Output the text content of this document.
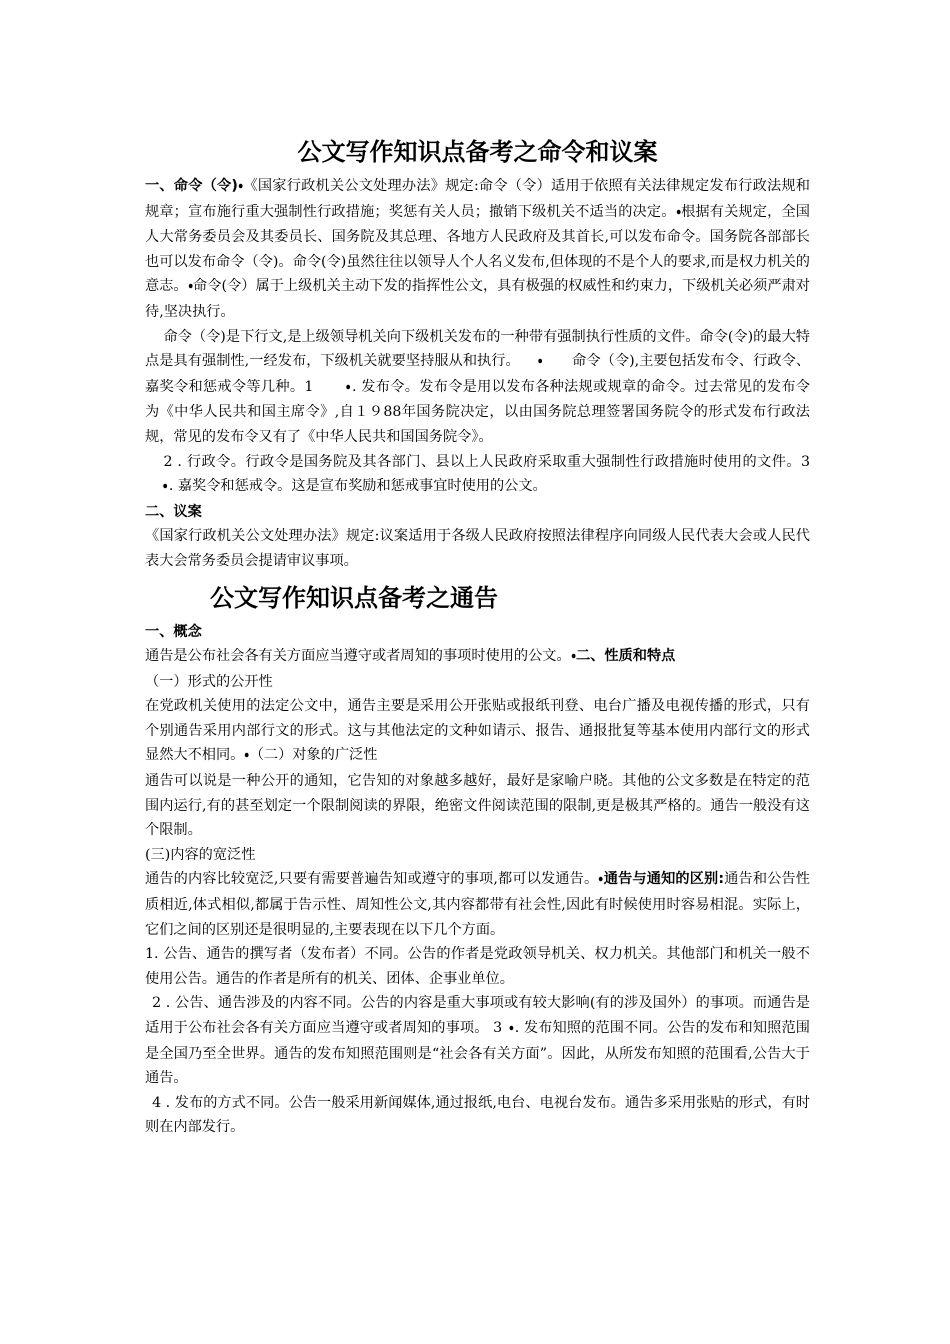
公文写作知识点备考之命令和议案

一、命令（令)ꔷ《国家行政机关公文处理办法》规定:命令（令）适用于依照有关法律规定发布行政法规和规章；宣布施行重大强制性行政措施；奖惩有关人员；撤销下级机关不适当的决定。ꔷ根据有关规定，全国人大常务委员会及其委员长、国务院及其总理、各地方人民政府及其首长,可以发布命令。国务院各部部长也可以发布命令（令)。命令(令)虽然往往以领导人个人名义发布,但体现的不是个人的要求,而是权力机关的意志。ꔷ命令(令）属于上级机关主动下发的指挥性公文，具有极强的权威性和约束力，下级机关必须严肃对待,坚决执行。

命令（令)是下行文,是上级领导机关向下级机关发布的一种带有强制执行性质的文件。命令(令)的最大特点是具有强制性,一经发布，下级机关就要坚持服从和执行。 ꔷ　　命令（令),主要包括发布令、行政令、嘉奖令和惩戒令等几种。1　ꔷ. 发布令。发布令是用以发布各种法规或规章的命令。过去常见的发布令为《中华人民共和国主席令》,自１９88年国务院决定，以由国务院总理签署国务院令的形式发布行政法规，常见的发布令又有了《中华人民共和国国务院令》。

2 . 行政令。行政令是国务院及其各部门、县以上人民政府采取重大强制性行政措施时使用的文件。3ꔷ. 嘉奖令和惩戒令。这是宣布奖励和惩戒事宜时使用的公文。

二、议案

《国家行政机关公文处理办法》规定:议案适用于各级人民政府按照法律程序向同级人民代表大会或人民代表大会常务委员会提请审议事项。

公文写作知识点备考之通告

一、概念

通告是公布社会各有关方面应当遵守或者周知的事项时使用的公文。ꔷ二、性质和特点

（一）形式的公开性

在党政机关使用的法定公文中，通告主要是采用公开张贴或报纸刊登、电台广播及电视传播的形式，只有个别通告采用内部行文的形式。这与其他法定的文种如请示、报告、通报批复等基本使用内部行文的形式显然大不相同。ꔷ（二）对象的广泛性

通告可以说是一种公开的通知，它告知的对象越多越好，最好是家喻户晓。其他的公文多数是在特定的范围内运行,有的甚至划定一个限制阅读的界限，绝密文件阅读范围的限制,更是极其严格的。通告一般没有这个限制。

(三)内容的宽泛性

通告的内容比较宽泛,只要有需要普遍告知或遵守的事项,都可以发通告。ꔷ通告与通知的区别:通告和公告性质相近,体式相似,都属于告示性、周知性公文,其内容都带有社会性,因此有时候使用时容易相混。实际上，它们之间的区别还是很明显的,主要表现在以下几个方面。

1. 公告、通告的撰写者（发布者）不同。公告的作者是党政领导机关、权力机关。其他部门和机关一般不使用公告。通告的作者是所有的机关、团体、企事业单位。

2 . 公告、通告涉及的内容不同。公告的内容是重大事项或有较大影响(有的涉及国外）的事项。而通告是适用于公布社会各有关方面应当遵守或者周知的事项。 3 ꔷ. 发布知照的范围不同。公告的发布和知照范围是全国乃至全世界。通告的发布知照范围则是“社会各有关方面”。因此，从所发布知照的范围看,公告大于通告。

4 . 发布的方式不同。公告一般采用新闻媒体,通过报纸,电台、电视台发布。通告多采用张贴的形式，有时则在内部发行。
